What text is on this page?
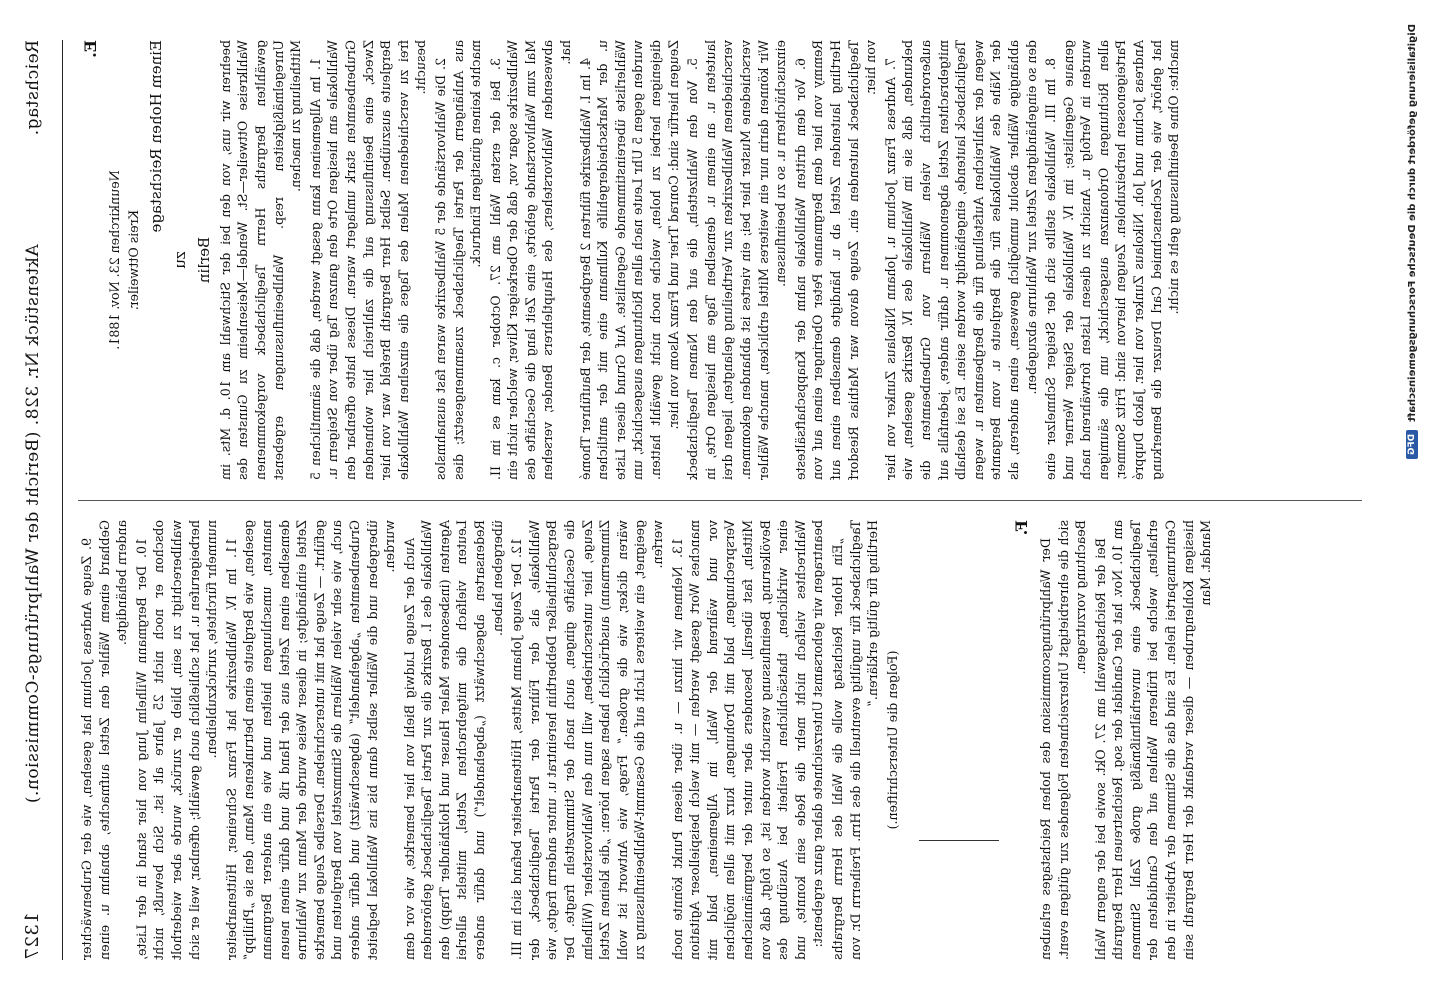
Reichstag.
Aktenstück Nr. 328. (Bericht der Wahlprüfungs-Commission.)
1327

E.

Neunkirchen 23. Nov. 1881. Kreis Ottweiler.

Einem Hohen Reichstage

zu Berlin beehren wir uns, von den bei der Stichwahl am 10. d. Mts. im Wahlkreise Ottweiler—St. Wendel—Meisenheim zu Gunsten des gewählten Bergraths Herrn Taeglichsbeck vorgekommenen Unregelmäßigkeiten resp. Wahlbeeinflussungen ergebenst Mittheilung zu machen. 1. Im Allgemeinen kann gesagt werden, daß die sämmtlichen 5 Wahllokale am hiesigen Orte den ganzen Tag über von Steigern u. Grubenbeamten stark umlagert waren. Dieses hatte offenbar den Zweck, eine Beeinflussung auf die zahlreich hier wohnenden Bergleute auszuüben. Selbst Herr Bergrath Brefeld war von hier frei zu verschiedenen Malen des Tages die einzelnen Wahllokale besucht. 2. Die Wahlvorstände der 5 Wahlbezirke waren fast ausnahmslos aus Anhängern der Partei Taeglichsbeck zusammengesetzt; dies machte keinen günstigen Eindruck. 3. Bei der ersten Wahl am 27. October c. kam es im II. Wahlbezirke sogar vor, daß der Oberkeiger Kliver, welcher nicht ein Mal zum Wahlvorstande gehörte, eine Zeit lang die Geschäfte des abwesenden Wahlvorstehers, des Hauptlehrers Bender, versehen hat.

4. Im I. Wahlbezirke führten 2 Bergbeamte, der Bauführer Thomé u. der Markscheidergehilfe Kullmann eine mit der amtlichen Wählerliste übereinstimmende Gegenliste. Auf Grund dieser Liste wurden gegen 5 Uhr Leute nach allen Richtungen ausgeschickt, um diejenigen herbei zu holen, welche noch nicht gewählt hatten. Zeugen hierfür sind: Conrad Trier und Franz Alsom von hier. 5. Von den Wahlzetteln, die auf den Namen Taeglichsbeck lauteten u. an einem u. demselben Tage am hiesigen Orte, in verschiedenen Wahlbezirken zur Vertheilung gelangten, liegen drei verschiedene Muster hier bei; ein viertes ist abhanden gekommen. Wir können darin nur ein weiteres Mittel erblicken, manche Wähler einzuschüchtern u. so zu beeinflussen. 6. Vor dem dritten Wahllokale nahm der Knappschaftsälteste Remmy von hier dem Bergmanne Peter Oberinger einen auf von Hertling lautenden Zettel ab u. händigte demselben einen auf Taeglichsbeck lautenden ein. Zeuge davon war Mathias Riesdorf von hier. 7. Andreas Franz Jochum u. Johann Nikolaus Zunker von hier bekunden, daß sie im Wahllokale des IV. Bezirks gesehen, wie außerordentlich vielen Wählern von Grubenbeamten die mitgebrachten Zettel abgenommen u. dafür andere, jedenfalls auf Taeglichsbeck lautende, eingehändigt worden seien. Es sei deshalb wegen der zahlreichen Aufstellung für die Bergbeamten u. wegen der Nähe des Wahllokales für die Bergleute u. vom Bergamte abhängige Wähler absolut unmöglich gewesen, einen anderen, als den so eingehändigten Zettel zur Wahlurne abzugeben. 8. Im III. Wahllokale stellte sich der Steiger Schmelzer eine genaue Gegenliste; im IV. Wahllokale der Steiger Werner und wurden in Verfolg u. Ansicht zu diesen Listen fortwährend nach allen Richtungen Ordonanzen ausgeschickt, um die säumigen Parteigenossen herbeizuholen. Zeugen hiervon sind: Fritz Sommer, Andreas Jochum und Joh. Nikolaus Zunker von hier. Jakob Duppré hat gehört, wie der Zechenschmied Carl Dreuzer die Bemerkung machte: Ohne Beeinflussung geht es nicht.

9. Zeuge Andreas Jochum hat gesehen, wie der Grubenwächter Gebhard einem Wähler den Zettel aufmachte, abnahm u. einen andern behändigte. 10. Der Bergmann Wilhelm Jung von hier stand in der Liste, obschon er noch nicht 25 Jahre alt ist. Sich bewußt, nicht wahlberechtigt zu sein, blieb er zurück, wurde aber wiederholt herbeigerufen u. hat schließlich auch gewählt; offenbar, weil er sich nunmehr fürchtete, zurückzubleiben. 11. Im IV. Wahlbezirke hat Franz Schreiner, Hüttenarbeiter gesehen, wie Bergleute einen betrunkenen Mann, den sie „Philipp“ nannten, umschlungen hielten und wie ein anderer Bergmann demselben einen Zettel aus der Hand riß und dafür einen neuen Zettel einhändigte; in dieser Weise wurde der Mann zur Wahlurne geführt. — Zeuge hat mit unterschrieben. Derselbe Zeuge bemerkte auch, wie sehr vielen Wählern die Stimmzettel von Bergleuten und Grubenbeamten „abgehandelt“ (abgeschwätzt) und dafür andere übergeben und die Wähler selbst dann bis ins Wahllokal begleitet wurden. Auch der Zeuge Ludwig Biehl von hier bemerkte, wie vor dem Wahllokale des I. Bezirks die zur Partei Taeglichsbeck gehörenden Agenten (insbesondere Maler Hauser und Holzhändler Trapp) den Leuten vielfach die mitgebrachten Zettel, mittelst allerlei Redensarten abgeschwätzt („abgehandelt“) und dafür andere übergeben haben. 12. Der Zeuge Johann Mattes, Hüttenarbeiter befand sich im III. Wahllokale, als der Führer der Partei Taeglichsbeck, der Bergschultheißer Debberthin hereintrat u. unter anderm fragte, wie die Geschäfte gingen, auch nach der Stimmzetteln fragte. Der Zeuge, hier unterschrieben, will nun den Wahlvorsteher (Wilhelm Zimmermann) ausdrücklich haben sagen hören: „die kleinen Zettel wären dicker, wie die großen.“ Frage, wie Antwort ist wohl geeignet, ein weiteres Licht auf die Gesammt-Wahlbeeinflussung zu werfen. 13. Nehmen wir hinzu — u. über diesen Punkt könnte noch manches Wort gesagt werden — mit welch beispielloser Agitation vor und während der Wahl, im Allgemeinen, bald mit Versprechungen, bald mit Drohungen, kurz mit allen möglichen Mitteln, fast überall, besonders aber unter der bergmännischen Bevölkerung, Beeinflussung versucht worden ist, so folgt, daß von einer wirklichen, thatsächlichen Freiheit bei Ausübung des Wahlrechtes vielfach nicht mehr die Rede sein konnte, und beantragen wir gehorsamst Unterzeichnete daher ganz ergebenst: „Ein Hoher Reichstag wolle die Wahl des Herrn Bergraths Taeglichsbeck für ungültig eventuell die des Hrn. Freiherrn Dr. von Hertling für gültig erklären.“

(Folgen die Unterschriften.)

F.

Der Wahlprüfungscommission des hohen Reichstages erlauben sich die ehrerbietigst Unterzeichneten Folgendes zur gütigen event. Beachtung vorzutragen. Bei der Reichstagswahl am 27. Okt. sowie bei der engern Wahl am 10. Nov. hat der Candidat der sog. Reichstreuen Herr Bergrath Taeglichsbeck eine unverhältnißmäßig große Zahl Stimmen erhalten, welche bei früheren Wahlen auf den Candidaten der Centrumspartei fielen. Es sind das die Stimmen der Arbeiter in den hiesigen Kohlengruben — dieser verdankt der Herr Bergrath sein Mandat. Man

Digitalisierung gefördert durch die Deutsche Forschungsgemeinschaft
DFG
